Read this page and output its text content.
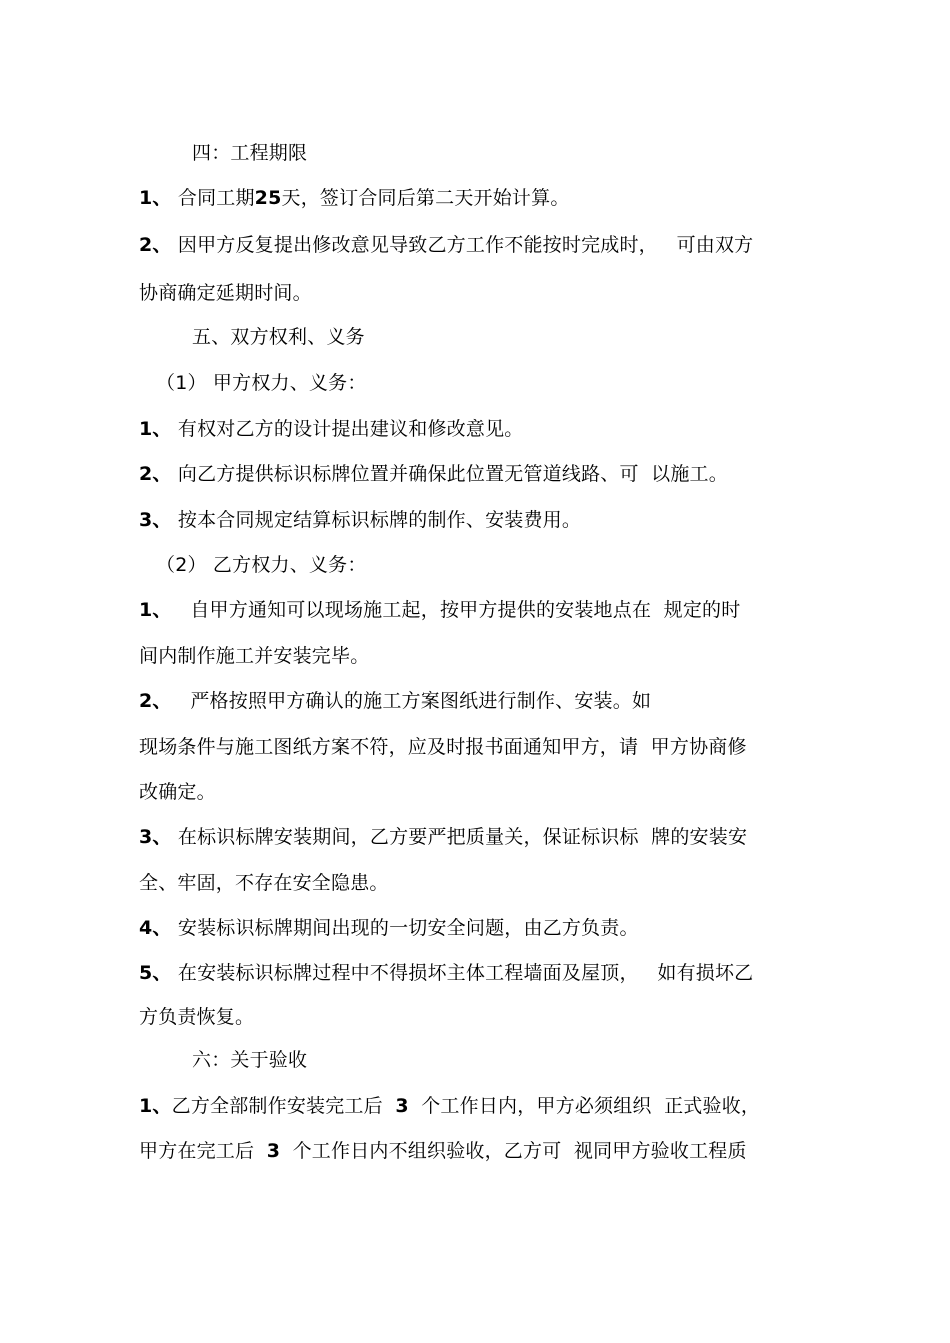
四：工程期限
1、 合同工期25天，签订合同后第二天开始计算。
2、 因甲方反复提出修改意见导致乙方工作不能按时完成时，   可由双方
协商确定延期时间。
五、双方权利、义务
（1） 甲方权力、义务：
1、 有权对乙方的设计提出建议和修改意见。
2、 向乙方提供标识标牌位置并确保此位置无管道线路、可  以施工。
3、 按本合同规定结算标识标牌的制作、安装费用。
（2） 乙方权力、义务：
1、   自甲方通知可以现场施工起，按甲方提供的安装地点在  规定的时
间内制作施工并安装完毕。
2、   严格按照甲方确认的施工方案图纸进行制作、安装。如
现场条件与施工图纸方案不符，应及时报书面通知甲方，请  甲方协商修
改确定。
3、 在标识标牌安装期间，乙方要严把质量关，保证标识标  牌的安装安
全、牢固，不存在安全隐患。
4、 安装标识标牌期间出现的一切安全问题，由乙方负责。
5、 在安装标识标牌过程中不得损坏主体工程墙面及屋顶，   如有损坏乙
方负责恢复。
六：关于验收
1、乙方全部制作安装完工后  3  个工作日内，甲方必须组织  正式验收，
甲方在完工后  3  个工作日内不组织验收，乙方可  视同甲方验收工程质
